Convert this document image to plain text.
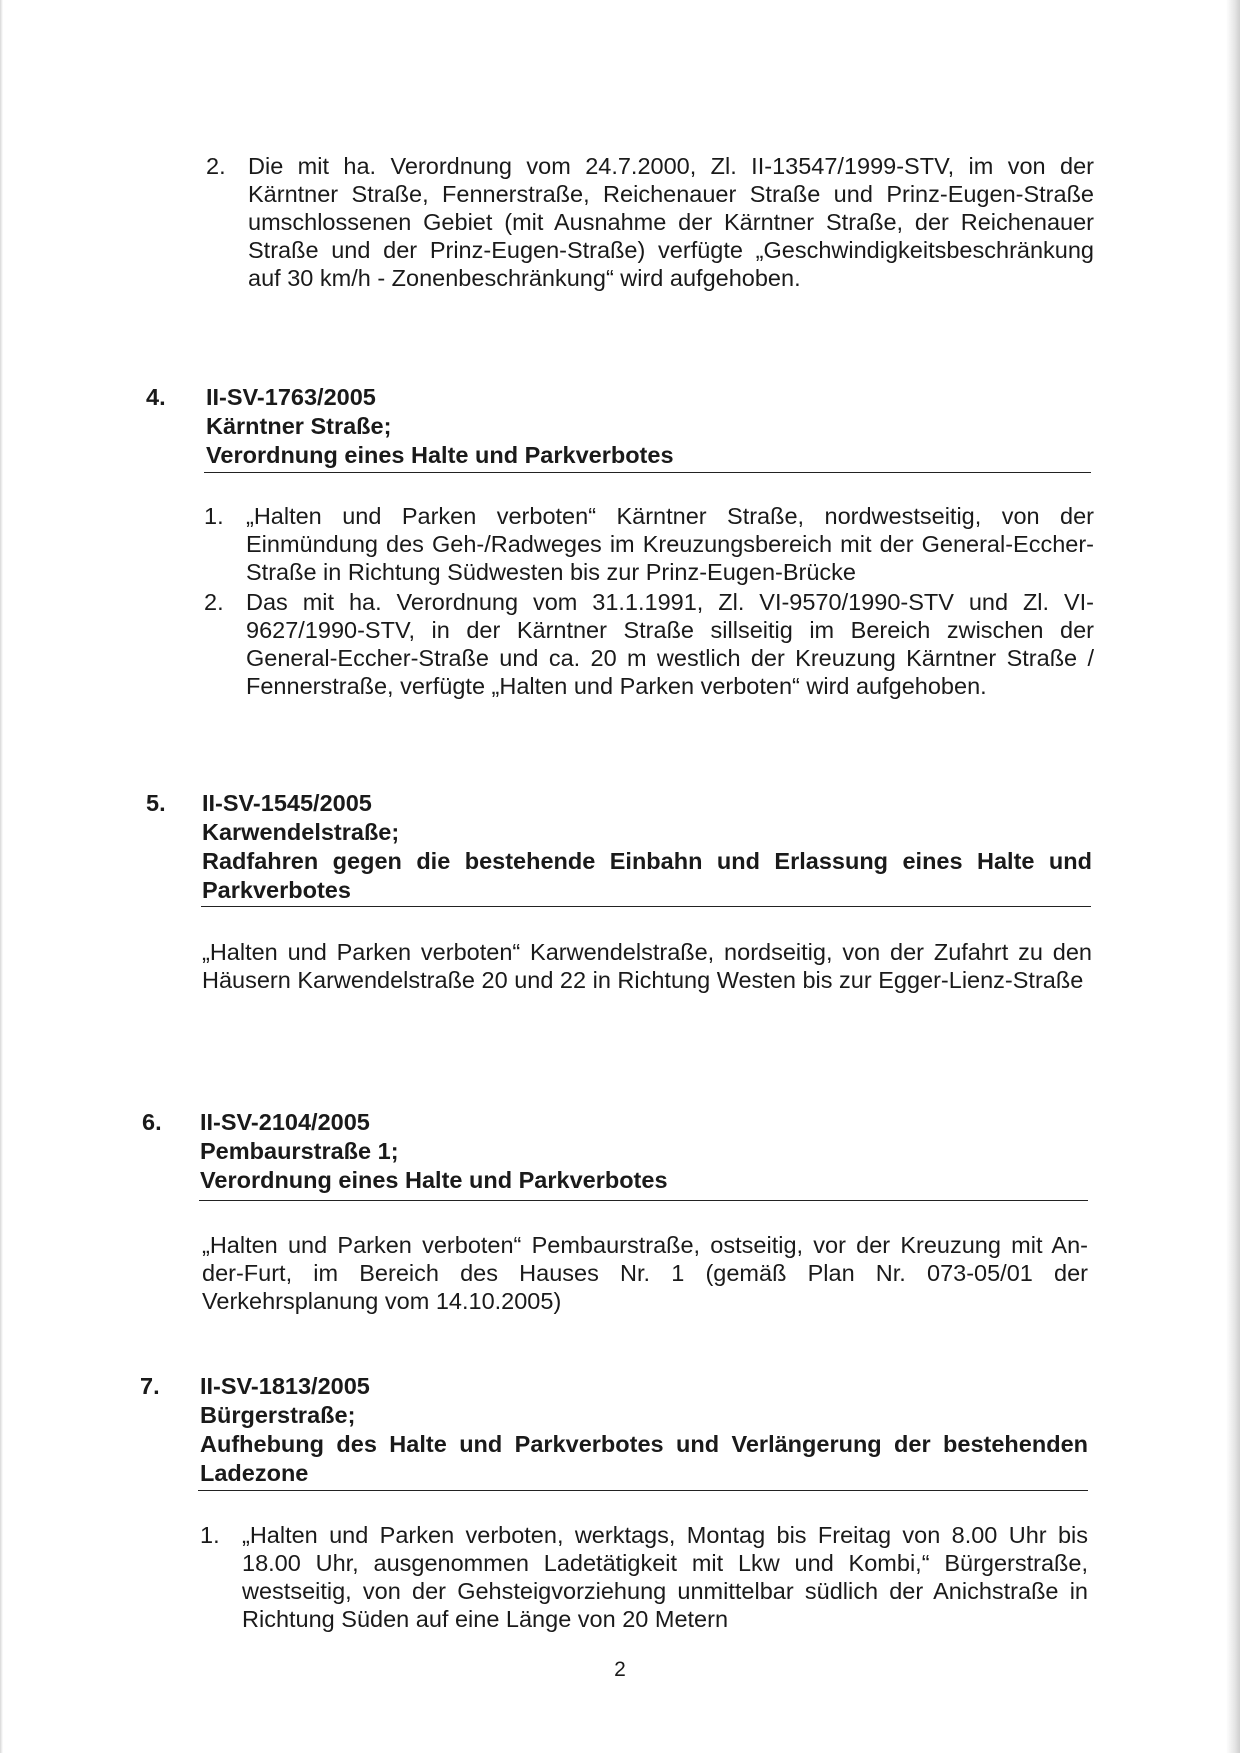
2. Die mit ha. Verordnung vom 24.7.2000, Zl. II-13547/1999-STV, im von der Kärntner Straße, Fennerstraße, Reichenauer Straße und Prinz-Eugen-Straße umschlossenen Gebiet (mit Ausnahme der Kärntner Straße, der Reichenauer Straße und der Prinz-Eugen-Straße) verfügte „Geschwindigkeitsbeschränkung auf 30 km/h - Zonenbeschränkung“ wird aufgehoben.
4. II-SV-1763/2005
Kärntner Straße;
Verordnung eines Halte und Parkverbotes
1. „Halten und Parken verboten“ Kärntner Straße, nordwestseitig, von der Einmündung des Geh-/Radweges im Kreuzungsbereich mit der General-Eccher-Straße in Richtung Südwesten bis zur Prinz-Eugen-Brücke
2. Das mit ha. Verordnung vom 31.1.1991, Zl. VI-9570/1990-STV und Zl. VI-9627/1990-STV, in der Kärntner Straße sillseitig im Bereich zwischen der General-Eccher-Straße und ca. 20 m westlich der Kreuzung Kärntner Straße / Fennerstraße, verfügte „Halten und Parken verboten“ wird aufgehoben.
5. II-SV-1545/2005
Karwendelstraße;
Radfahren gegen die bestehende Einbahn und Erlassung eines Halte und Parkverbotes
„Halten und Parken verboten“ Karwendelstraße, nordseitig, von der Zufahrt zu den Häusern Karwendelstraße 20 und 22 in Richtung Westen bis zur Egger-Lienz-Straße
6. II-SV-2104/2005
Pembaurstraße 1;
Verordnung eines Halte und Parkverbotes
„Halten und Parken verboten“ Pembaurstraße, ostseitig, vor der Kreuzung mit An-der-Furt, im Bereich des Hauses Nr. 1 (gemäß Plan Nr. 073-05/01 der Verkehrsplanung vom 14.10.2005)
7. II-SV-1813/2005
Bürgerstraße;
Aufhebung des Halte und Parkverbotes und Verlängerung der bestehenden Ladezone
1. „Halten und Parken verboten, werktags, Montag bis Freitag von 8.00 Uhr bis 18.00 Uhr, ausgenommen Ladetätigkeit mit Lkw und Kombi,“ Bürgerstraße, westseitig, von der Gehsteigvorziehung unmittelbar südlich der Anichstraße in Richtung Süden auf eine Länge von 20 Metern
2
